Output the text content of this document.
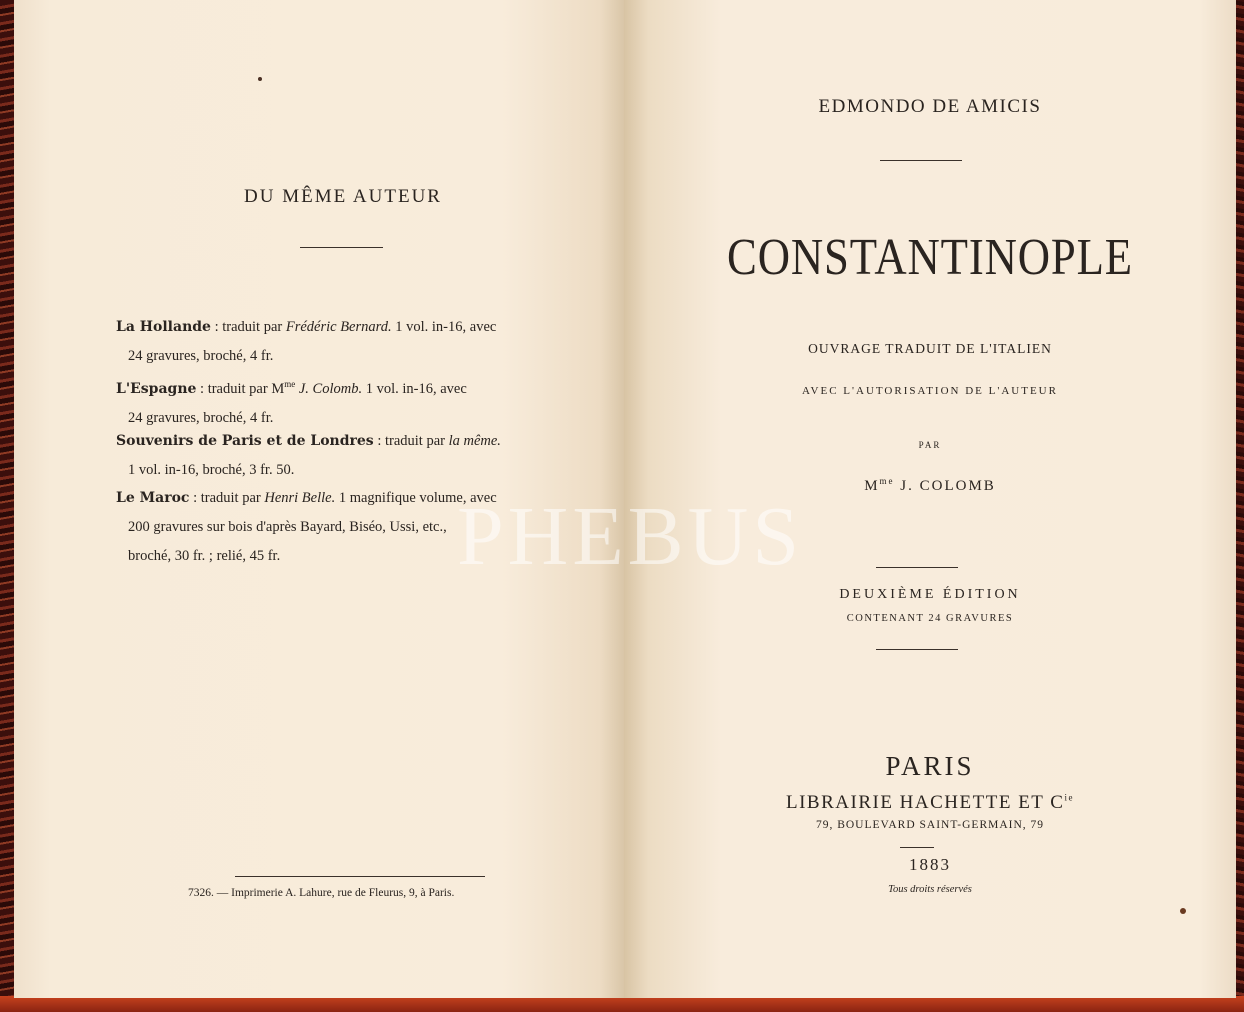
DU MÊME AUTEUR
La Hollande : traduit par Frédéric Bernard. 1 vol. in-16, avec
24 gravures, broché, 4 fr.
L'Espagne : traduit par $M^{me}$ J. Colomb. 1 vol. in-16, avec
24 gravures, broché, 4 fr.
Souvenirs de Paris et de Londres : traduit par la même.
1 vol. in-16, broché, 3 fr. 50.
Le Maroc : traduit par Henri Belle. 1 magnifique volume, avec
200 gravures sur bois d'après Bayard, Biséo, Ussi, etc.,
broché, 30 fr. ; relié, 45 fr.
7326. — Imprimerie A. Lahure, rue de Fleurus, 9, à Paris.
EDMONDO DE AMICIS
CONSTANTINOPLE
OUVRAGE TRADUIT DE L'ITALIEN
AVEC L'AUTORISATION DE L'AUTEUR
PAR
$M^{me}$ J. COLOMB
DEUXIÈME ÉDITION
CONTENANT 24 GRAVURES
PARIS
LIBRAIRIE HACHETTE ET $C^{ie}$
79, BOULEVARD SAINT-GERMAIN, 79
1883
Tous droits réservés
PHEBUS
